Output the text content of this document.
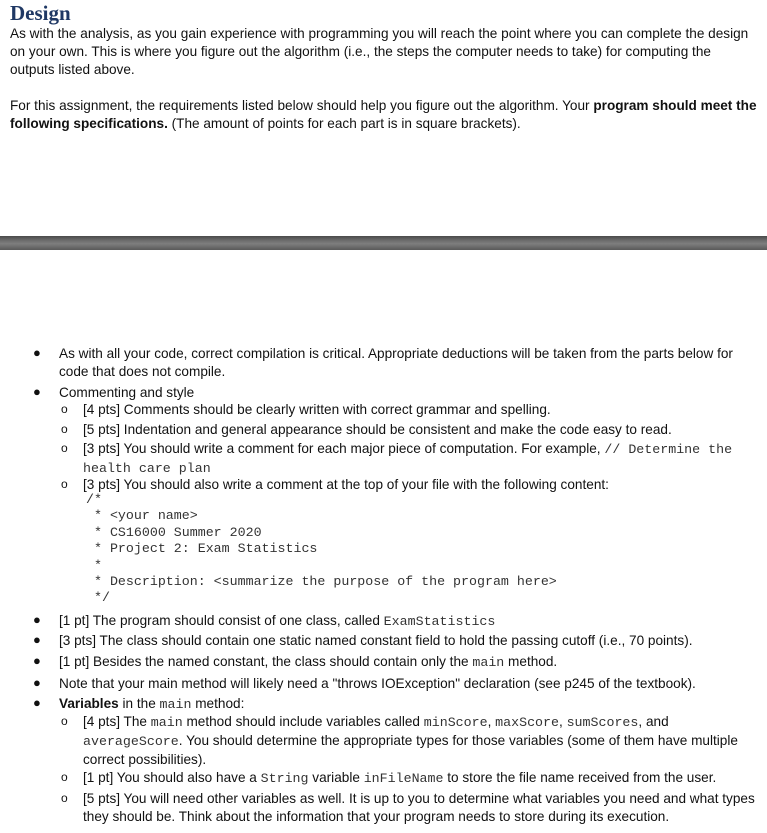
Design
As with the analysis, as you gain experience with programming you will reach the point where you can complete the design on your own. This is where you figure out the algorithm (i.e., the steps the computer needs to take) for computing the outputs listed above.
For this assignment, the requirements listed below should help you figure out the algorithm. Your program should meet the following specifications. (The amount of points for each part is in square brackets).
● As with all your code, correct compilation is critical. Appropriate deductions will be taken from the parts below for code that does not compile.
● Commenting and style
o [4 pts] Comments should be clearly written with correct grammar and spelling.
o [5 pts] Indentation and general appearance should be consistent and make the code easy to read.
o [3 pts] You should write a comment for each major piece of computation. For example, // Determine the health care plan
o [3 pts] You should also write a comment at the top of your file with the following content:
/*
* <your name>
* CS16000 Summer 2020
* Project 2: Exam Statistics
*
* Description: <summarize the purpose of the program here>
*/
● [1 pt] The program should consist of one class, called ExamStatistics
● [3 pts] The class should contain one static named constant field to hold the passing cutoff (i.e., 70 points).
● [1 pt] Besides the named constant, the class should contain only the main method.
● Note that your main method will likely need a "throws IOException" declaration (see p245 of the textbook).
● Variables in the main method:
o [4 pts] The main method should include variables called minScore, maxScore, sumScores, and averageScore. You should determine the appropriate types for those variables (some of them have multiple correct possibilities).
o [1 pt] You should also have a String variable inFileName to store the file name received from the user.
o [5 pts] You will need other variables as well. It is up to you to determine what variables you need and what types they should be. Think about the information that your program needs to store during its execution.
